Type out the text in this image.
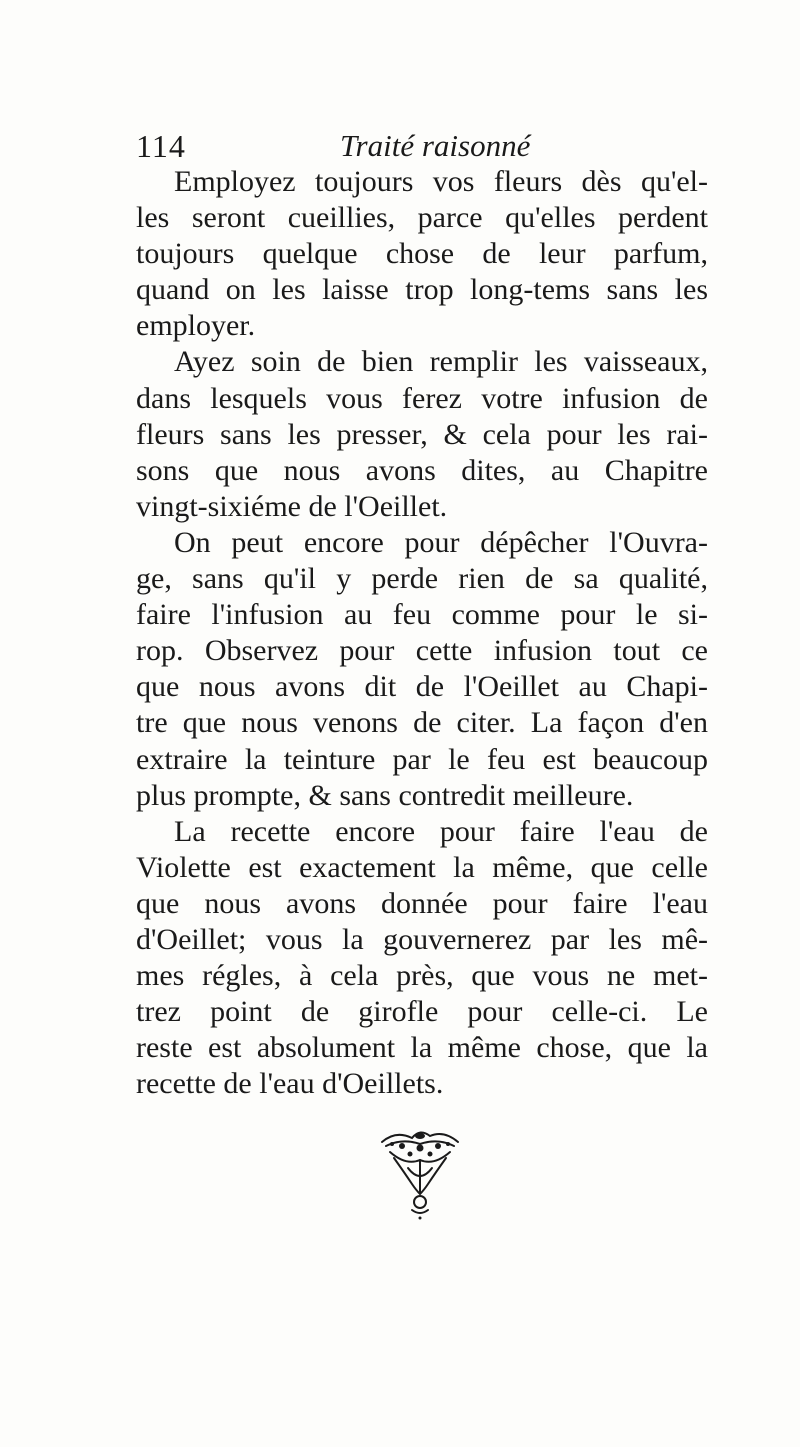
114	Traité raisonné
Employez toujours vos fleurs dès qu'el-
les seront cueillies, parce qu'elles perdent
toujours quelque chose de leur parfum,
quand on les laisse trop long-tems sans les
employer.
Ayez soin de bien remplir les vaisseaux,
dans lesquels vous ferez votre infusion de
fleurs sans les presser, & cela pour les rai-
sons que nous avons dites, au Chapitre
vingt-sixiéme de l'Oeillet.
On peut encore pour dépêcher l'Ouvra-
ge, sans qu'il y perde rien de sa qualité,
faire l'infusion au feu comme pour le si-
rop. Observez pour cette infusion tout ce
que nous avons dit de l'Oeillet au Chapi-
tre que nous venons de citer. La façon d'en
extraire la teinture par le feu est beaucoup
plus prompte, & sans contredit meilleure.
La recette encore pour faire l'eau de
Violette est exactement la même, que celle
que nous avons donnée pour faire l'eau
d'Oeillet; vous la gouvernerez par les mê-
mes régles, à cela près, que vous ne met-
trez point de girofle pour celle-ci. Le
reste est absolument la même chose, que la
recette de l'eau d'Oeillets.
